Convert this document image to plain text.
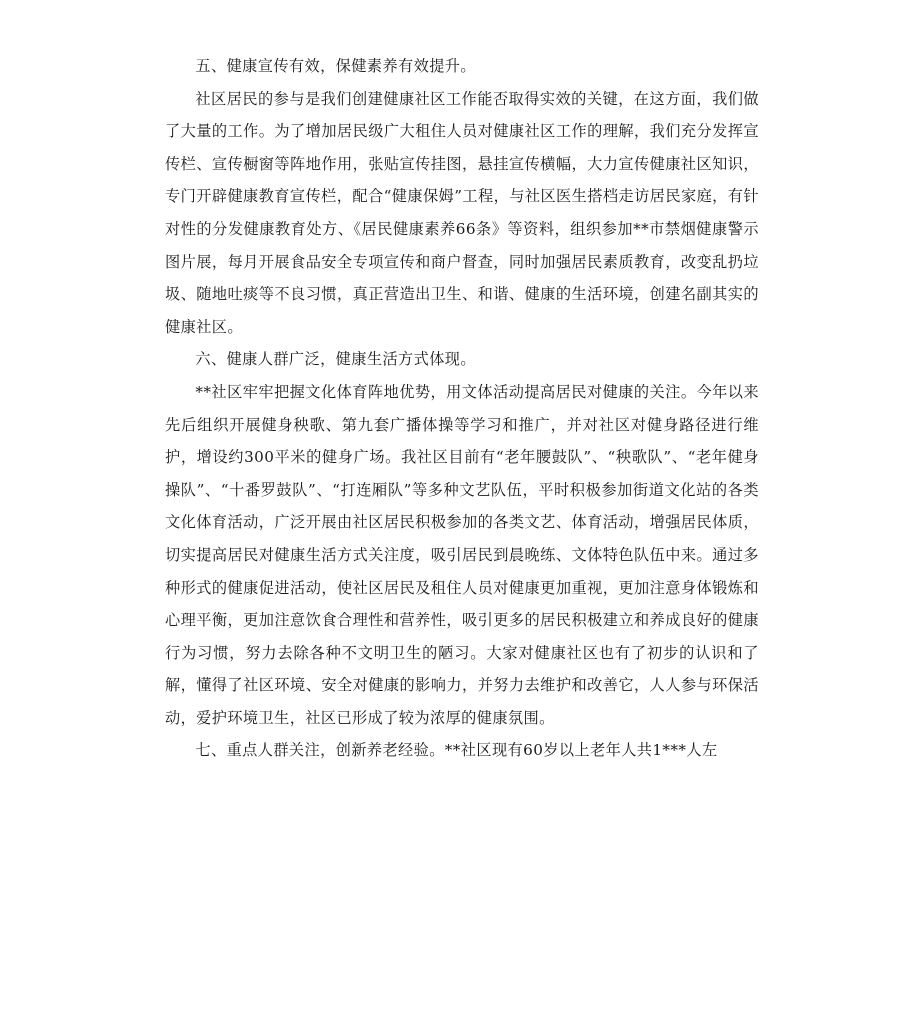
五、健康宣传有效，保健素养有效提升。

社区居民的参与是我们创建健康社区工作能否取得实效的关键，在这方面，我们做了大量的工作。为了增加居民级广大租住人员对健康社区工作的理解，我们充分发挥宣传栏、宣传橱窗等阵地作用，张贴宣传挂图，悬挂宣传横幅，大力宣传健康社区知识，专门开辟健康教育宣传栏，配合“健康保姆”工程，与社区医生搭档走访居民家庭，有针对性的分发健康教育处方、《居民健康素养66条》等资料，组织参加**市禁烟健康警示图片展，每月开展食品安全专项宣传和商户督查，同时加强居民素质教育，改变乱扔垃圾、随地吐痰等不良习惯，真正营造出卫生、和谐、健康的生活环境，创建名副其实的健康社区。

六、健康人群广泛，健康生活方式体现。

**社区牢牢把握文化体育阵地优势，用文体活动提高居民对健康的关注。今年以来先后组织开展健身秧歌、第九套广播体操等学习和推广，并对社区对健身路径进行维护，增设约300平米的健身广场。我社区目前有“老年腰鼓队”、“秧歌队”、“老年健身操队”、“十番罗鼓队”、“打连厢队”等多种文艺队伍，平时积极参加街道文化站的各类文化体育活动，广泛开展由社区居民积极参加的各类文艺、体育活动，增强居民体质，切实提高居民对健康生活方式关注度，吸引居民到晨晚练、文体特色队伍中来。通过多种形式的健康促进活动，使社区居民及租住人员对健康更加重视，更加注意身体锻炼和心理平衡，更加注意饮食合理性和营养性，吸引更多的居民积极建立和养成良好的健康行为习惯，努力去除各种不文明卫生的陋习。大家对健康社区也有了初步的认识和了解，懂得了社区环境、安全对健康的影响力，并努力去维护和改善它，人人参与环保活动，爱护环境卫生，社区已形成了较为浓厚的健康氛围。

七、重点人群关注，创新养老经验。**社区现有60岁以上老年人共1***人左
